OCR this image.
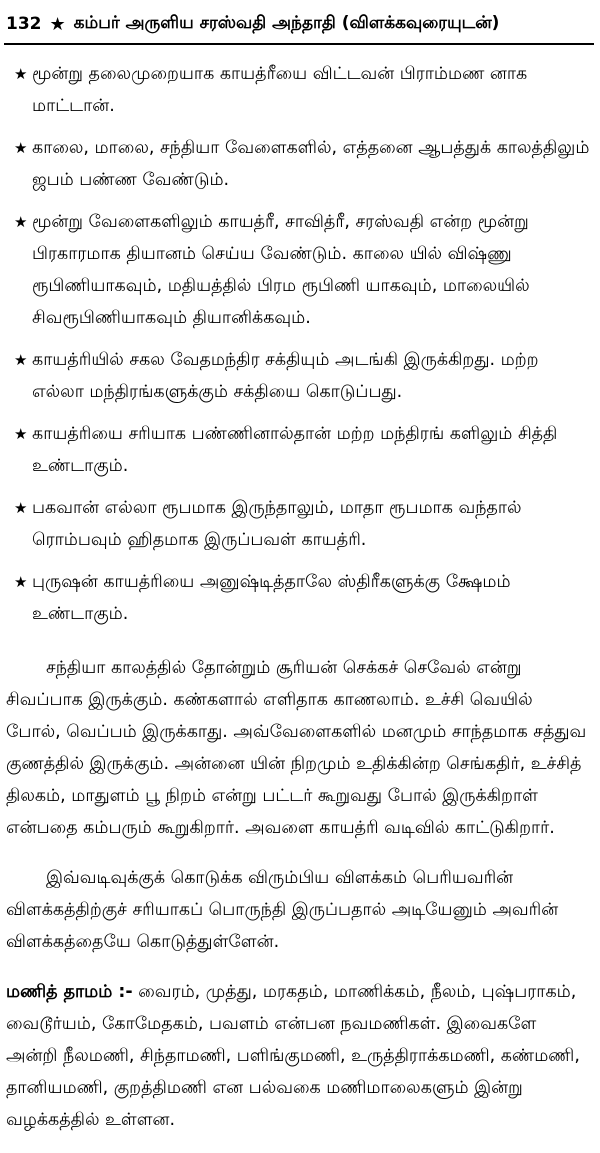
132 ★ கம்பர் அருளிய சரஸ்வதி அந்தாதி (விளக்கவுரையுடன்)
★ மூன்று தலைமுறையாக காயத்ரீயை விட்டவன் பிராம்மண னாக மாட்டான்.
★ காலை, மாலை, சந்தியா வேளைகளில், எத்தனை ஆபத்துக் காலத்திலும் ஜபம் பண்ண வேண்டும்.
★ மூன்று வேளைகளிலும் காயத்ரீ, சாவித்ரீ, சரஸ்வதி என்ற மூன்று பிரகாரமாக தியானம் செய்ய வேண்டும். காலை யில் விஷ்ணு ரூபிணியாகவும், மதியத்தில் பிரம ரூபிணி யாகவும், மாலையில் சிவரூபிணியாகவும் தியானிக்கவும்.
★ காயத்ரியில் சகல வேதமந்திர சக்தியும் அடங்கி இருக்கிறது. மற்ற எல்லா மந்திரங்களுக்கும் சக்தியை கொடுப்பது.
★ காயத்ரியை சரியாக பண்ணினால்தான் மற்ற மந்திரங் களிலும் சித்தி உண்டாகும்.
★ பகவான் எல்லா ரூபமாக இருந்தாலும், மாதா ரூபமாக வந்தால் ரொம்பவும் ஹிதமாக இருப்பவள் காயத்ரி.
★ புருஷன் காயத்ரியை அனுஷ்டித்தாலே ஸ்திரீகளுக்கு க்ஷேமம் உண்டாகும்.

சந்தியா காலத்தில் தோன்றும் சூரியன் செக்கச் செவேல் என்று சிவப்பாக இருக்கும். கண்களால் எளிதாக காணலாம். உச்சி வெயில் போல், வெப்பம் இருக்காது. அவ்வேளைகளில் மனமும் சாந்தமாக சத்துவ குணத்தில் இருக்கும். அன்னை யின் நிறமும் உதிக்கின்ற செங்கதிர், உச்சித் திலகம், மாதுளம் பூ நிறம் என்று பட்டர் கூறுவது போல் இருக்கிறாள் என்பதை கம்பரும் கூறுகிறார். அவளை காயத்ரி வடிவில் காட்டுகிறார்.

இவ்வடிவுக்குக் கொடுக்க விரும்பிய விளக்கம் பெரியவரின் விளக்கத்திற்குச் சரியாகப் பொருந்தி இருப்பதால் அடியேனும் அவரின் விளக்கத்தையே கொடுத்துள்ளேன்.

மணித் தாமம் :- வைரம், முத்து, மரகதம், மாணிக்கம், நீலம், புஷ்பராகம், வைடூர்யம், கோமேதகம், பவளம் என்பன நவமணிகள். இவைகளே அன்றி நீலமணி, சிந்தாமணி, பளிங்குமணி, உருத்திராக்கமணி, கண்மணி, தானியமணி, குறத்திமணி என பல்வகை மணிமாலைகளும் இன்று வழக்கத்தில் உள்ளன.
